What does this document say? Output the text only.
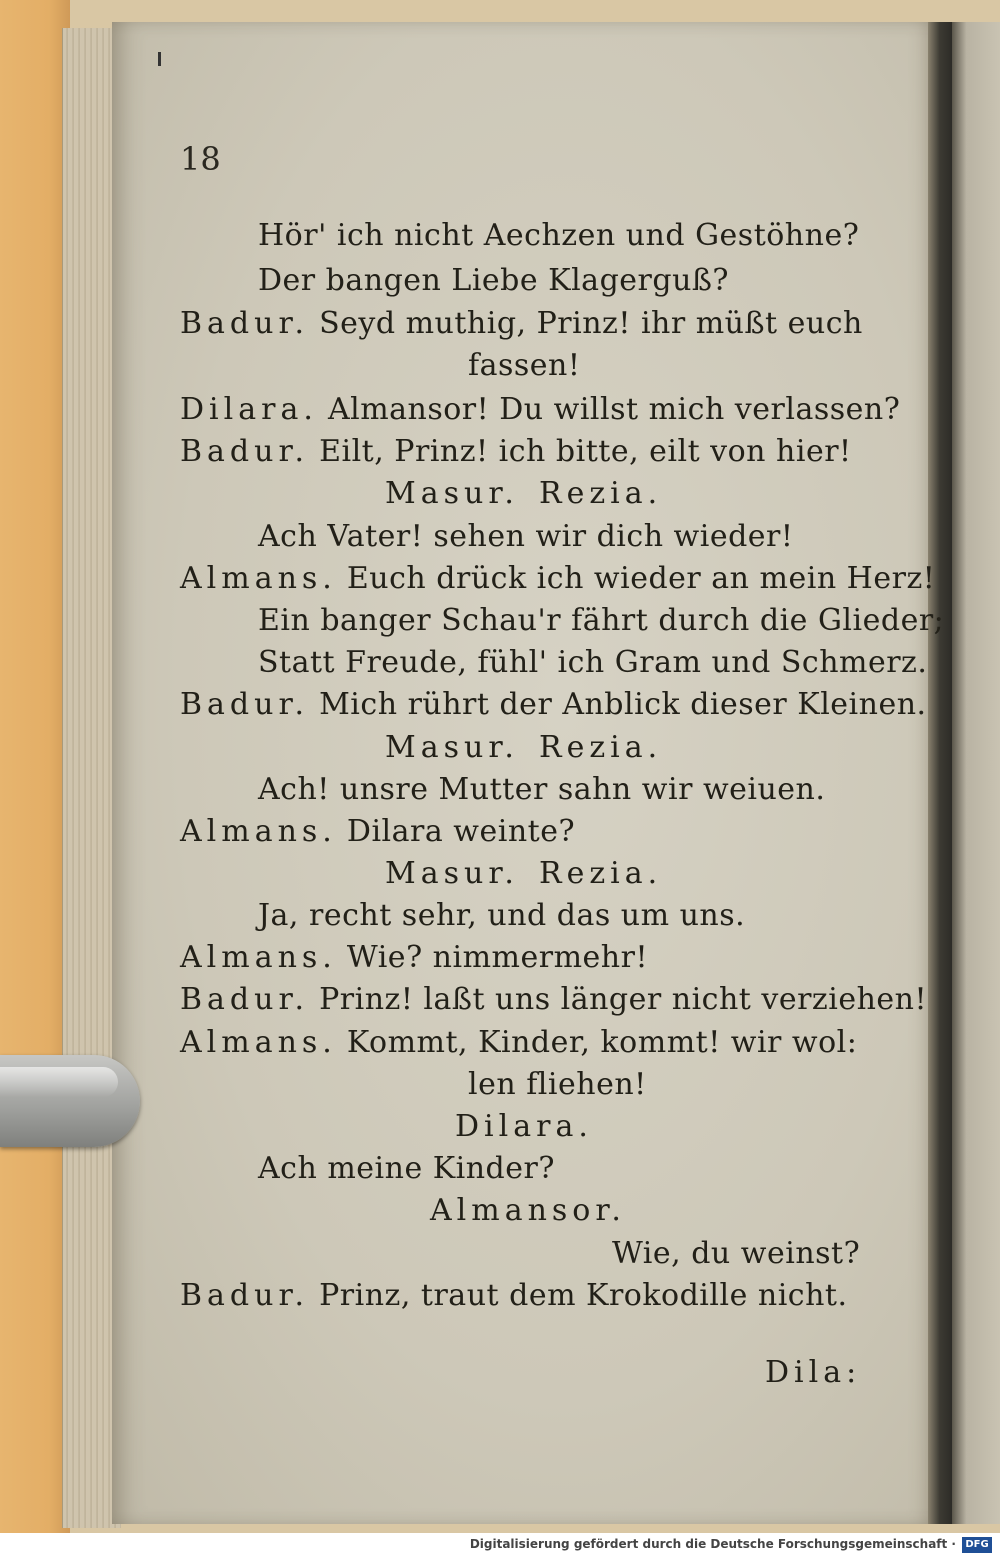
18
Hör' ich nicht Aechzen und Gestöhne?
Der bangen Liebe Klagerguß?
Badur. Seyd muthig, Prinz! ihr müßt euch
fassen!
Dilara. Almansor! Du willst mich verlassen?
Badur. Eilt, Prinz! ich bitte, eilt von hier!
Masur. Rezia.
Ach Vater! sehen wir dich wieder!
Almans. Euch drück ich wieder an mein Herz!
Ein banger Schau'r fährt durch die Glieder;
Statt Freude, fühl' ich Gram und Schmerz.
Badur. Mich rührt der Anblick dieser Kleinen.
Masur. Rezia.
Ach! unsre Mutter sahn wir weiuen.
Almans. Dilara weinte?
Masur. Rezia.
Ja, recht sehr, und das um uns.
Almans. Wie? nimmermehr!
Badur. Prinz! laßt uns länger nicht verziehen!
Almans. Kommt, Kinder, kommt! wir wol:
len fliehen!
Dilara.
Ach meine Kinder?
Almansor.
Wie, du weinst?
Badur. Prinz, traut dem Krokodille nicht.
Dila:
Digitalisierung gefördert durch die Deutsche Forschungsgemeinschaft · DFG
